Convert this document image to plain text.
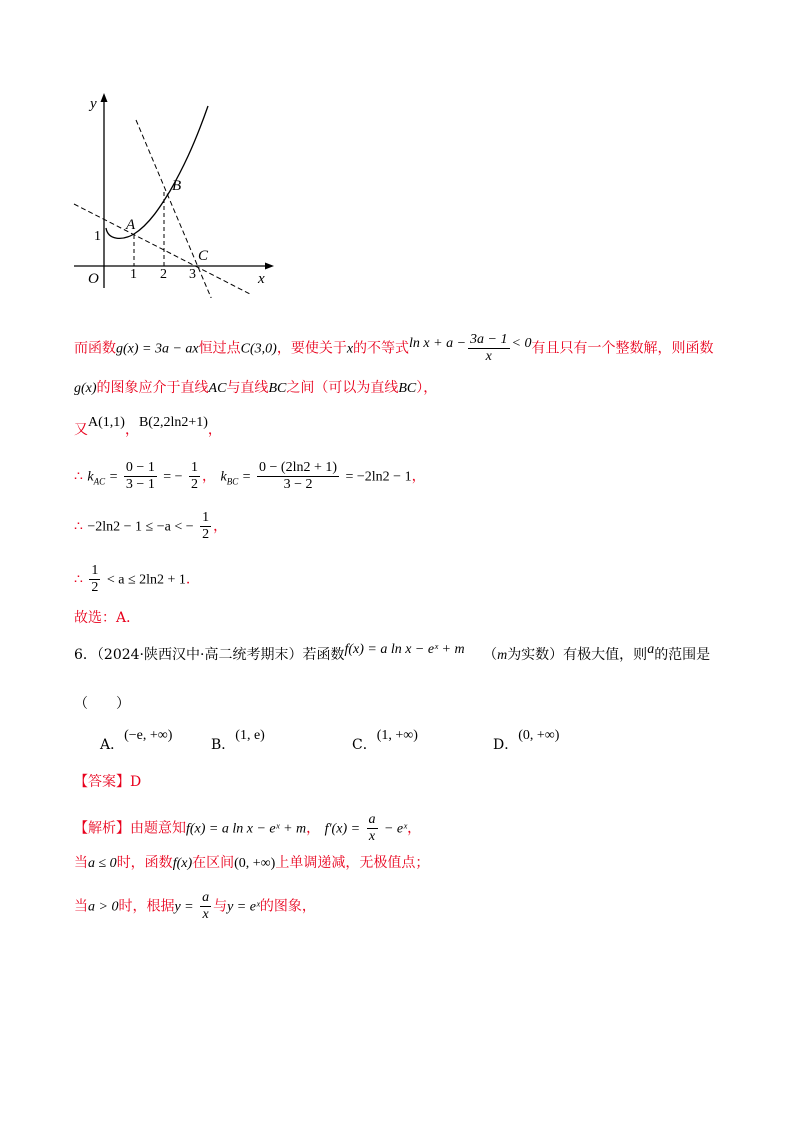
x
y
O 1 2 3
1
A
B
C
而函数g(x) = 3a − ax恒过点C(3,0)，要使关于x的不等式$\ln x + a - \frac{3a - 1}{x} < 0$有且只有一个整数解，则函数
g(x)的图象应介于直线AC与直线BC之间（可以为直线BC），
又A(1,1)，B(2,2ln2+1)，
∴ $k_{AC} = \frac{0 - 1}{3 - 1}$ = − $\frac{1}{2}$ ， $k_{BC} = \frac{0 - (2\ln 2 + 1)}{3 - 2} = -2\ln 2 - 1$，
∴ −2ln2 − 1 ≤ −a < − $\frac{1}{2}$ ，
∴ $\frac{1}{2} < a \le 2\ln 2 + 1$.
故选：A．
6．（2024·陕西汉中·高二统考期末）若函数f(x) = a ln x − eˣ + m （m为实数）有极大值，则a的范围是
（　　）
A．(−e, +∞)
B．(1, e)
C．(1, +∞)
D．(0, +∞)
【答案】D
【解析】由题意知f(x) = a ln x − eˣ + m， $f'(x) = \frac{a}{x}$ − eˣ，
当a ≤ 0时，函数f(x)在区间(0, +∞)上单调递减，无极值点；
当a > 0时，根据$y = \frac{a}{x}$ 与y = eˣ的图象，
